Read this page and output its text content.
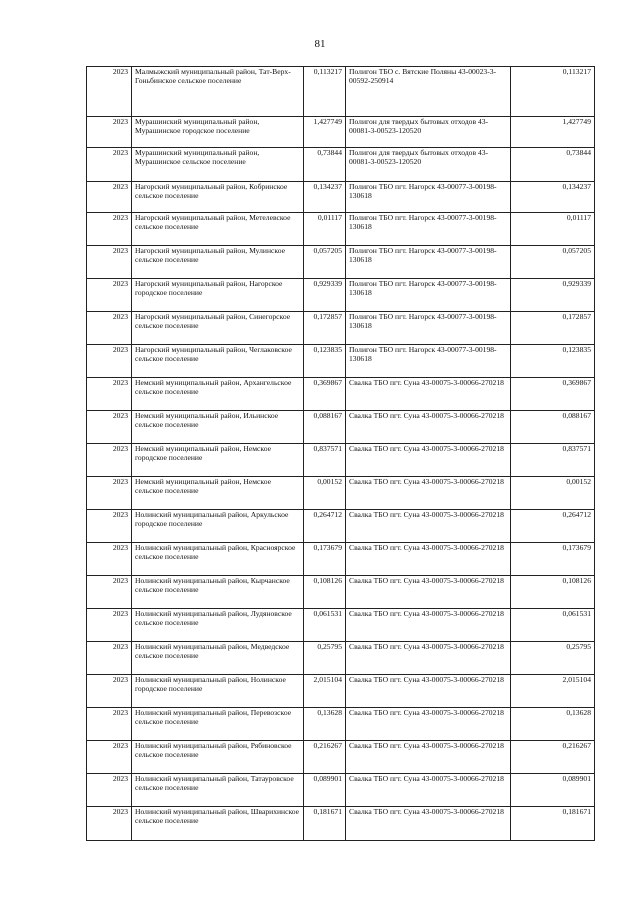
81
2023	Малмыжский муниципальный район, Тат-Верх-Гоньбинское сельское поселение	0,113217	Полигон ТБО с. Вятские Поляны 43-00023-3-00592-250914	0,113217
2023	Мурашинский муниципальный район, Мурашинское городское поселение	1,427749	Полигон для твердых бытовых отходов 43-00081-3-00523-120520	1,427749
2023	Мурашинский муниципальный район, Мурашинское сельское поселение	0,73844	Полигон для твердых бытовых отходов 43-00081-3-00523-120520	0,73844
2023	Нагорский муниципальный район, Кобринское сельское поселение	0,134237	Полигон ТБО пгт. Нагорск 43-00077-3-00198-130618	0,134237
2023	Нагорский муниципальный район, Метелевское сельское поселение	0,01117	Полигон ТБО пгт. Нагорск 43-00077-3-00198-130618	0,01117
2023	Нагорский муниципальный район, Мулинское сельское поселение	0,057205	Полигон ТБО пгт. Нагорск 43-00077-3-00198-130618	0,057205
2023	Нагорский муниципальный район, Нагорское городское поселение	0,929339	Полигон ТБО пгт. Нагорск 43-00077-3-00198-130618	0,929339
2023	Нагорский муниципальный район, Синегорское сельское поселение	0,172857	Полигон ТБО пгт. Нагорск 43-00077-3-00198-130618	0,172857
2023	Нагорский муниципальный район, Чеглаковское сельское поселение	0,123835	Полигон ТБО пгт. Нагорск 43-00077-3-00198-130618	0,123835
2023	Немский муниципальный район, Архангельское сельское поселение	0,369867	Свалка ТБО пгт. Суна 43-00075-3-00066-270218	0,369867
2023	Немский муниципальный район, Ильинское сельское поселение	0,088167	Свалка ТБО пгт. Суна 43-00075-3-00066-270218	0,088167
2023	Немский муниципальный район, Немское городское поселение	0,837571	Свалка ТБО пгт. Суна 43-00075-3-00066-270218	0,837571
2023	Немский муниципальный район, Немское сельское поселение	0,00152	Свалка ТБО пгт. Суна 43-00075-3-00066-270218	0,00152
2023	Нолинский муниципальный район, Аркульское городское поселение	0,264712	Свалка ТБО пгт. Суна 43-00075-3-00066-270218	0,264712
2023	Нолинский муниципальный район, Красноярское сельское поселение	0,173679	Свалка ТБО пгт. Суна 43-00075-3-00066-270218	0,173679
2023	Нолинский муниципальный район, Кырчанское сельское поселение	0,108126	Свалка ТБО пгт. Суна 43-00075-3-00066-270218	0,108126
2023	Нолинский муниципальный район, Лудяновское сельское поселение	0,061531	Свалка ТБО пгт. Суна 43-00075-3-00066-270218	0,061531
2023	Нолинский муниципальный район, Медведское сельское поселение	0,25795	Свалка ТБО пгт. Суна 43-00075-3-00066-270218	0,25795
2023	Нолинский муниципальный район, Нолинское городское поселение	2,015104	Свалка ТБО пгт. Суна 43-00075-3-00066-270218	2,015104
2023	Нолинский муниципальный район, Перевозское сельское поселение	0,13628	Свалка ТБО пгт. Суна 43-00075-3-00066-270218	0,13628
2023	Нолинский муниципальный район, Рябиновское сельское поселение	0,216267	Свалка ТБО пгт. Суна 43-00075-3-00066-270218	0,216267
2023	Нолинский муниципальный район, Татауровское сельское поселение	0,089901	Свалка ТБО пгт. Суна 43-00075-3-00066-270218	0,089901
2023	Нолинский муниципальный район, Шварихинское сельское поселение	0,181671	Свалка ТБО пгт. Суна 43-00075-3-00066-270218	0,181671
